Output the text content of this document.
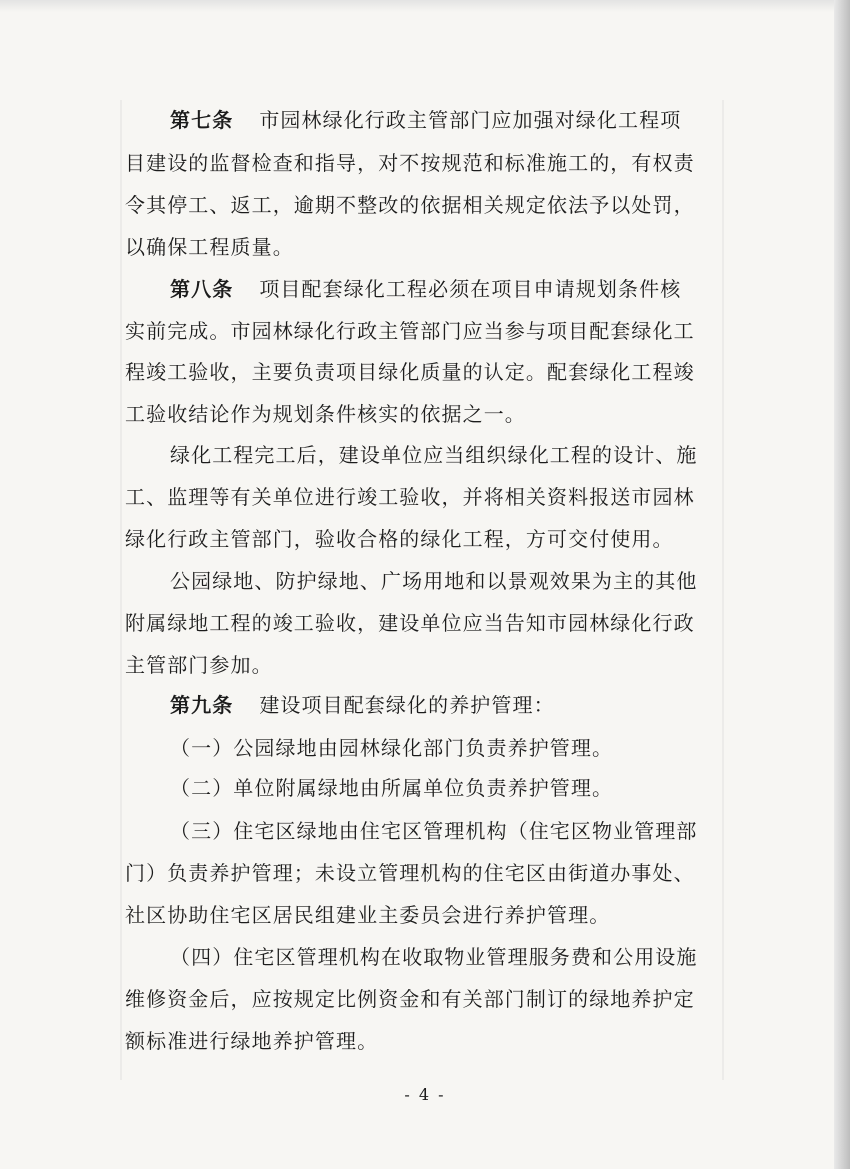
第七条 市园林绿化行政主管部门应加强对绿化工程项
目建设的监督检查和指导，对不按规范和标准施工的，有权责
令其停工、返工，逾期不整改的依据相关规定依法予以处罚，
以确保工程质量。
第八条 项目配套绿化工程必须在项目申请规划条件核
实前完成。市园林绿化行政主管部门应当参与项目配套绿化工
程竣工验收，主要负责项目绿化质量的认定。配套绿化工程竣
工验收结论作为规划条件核实的依据之一。
绿化工程完工后，建设单位应当组织绿化工程的设计、施
工、监理等有关单位进行竣工验收，并将相关资料报送市园林
绿化行政主管部门，验收合格的绿化工程，方可交付使用。
公园绿地、防护绿地、广场用地和以景观效果为主的其他
附属绿地工程的竣工验收，建设单位应当告知市园林绿化行政
主管部门参加。
第九条 建设项目配套绿化的养护管理：
（一）公园绿地由园林绿化部门负责养护管理。
（二）单位附属绿地由所属单位负责养护管理。
（三）住宅区绿地由住宅区管理机构（住宅区物业管理部
门）负责养护管理；未设立管理机构的住宅区由街道办事处、
社区协助住宅区居民组建业主委员会进行养护管理。
（四）住宅区管理机构在收取物业管理服务费和公用设施
维修资金后，应按规定比例资金和有关部门制订的绿地养护定
额标准进行绿地养护管理。
- 4 -
